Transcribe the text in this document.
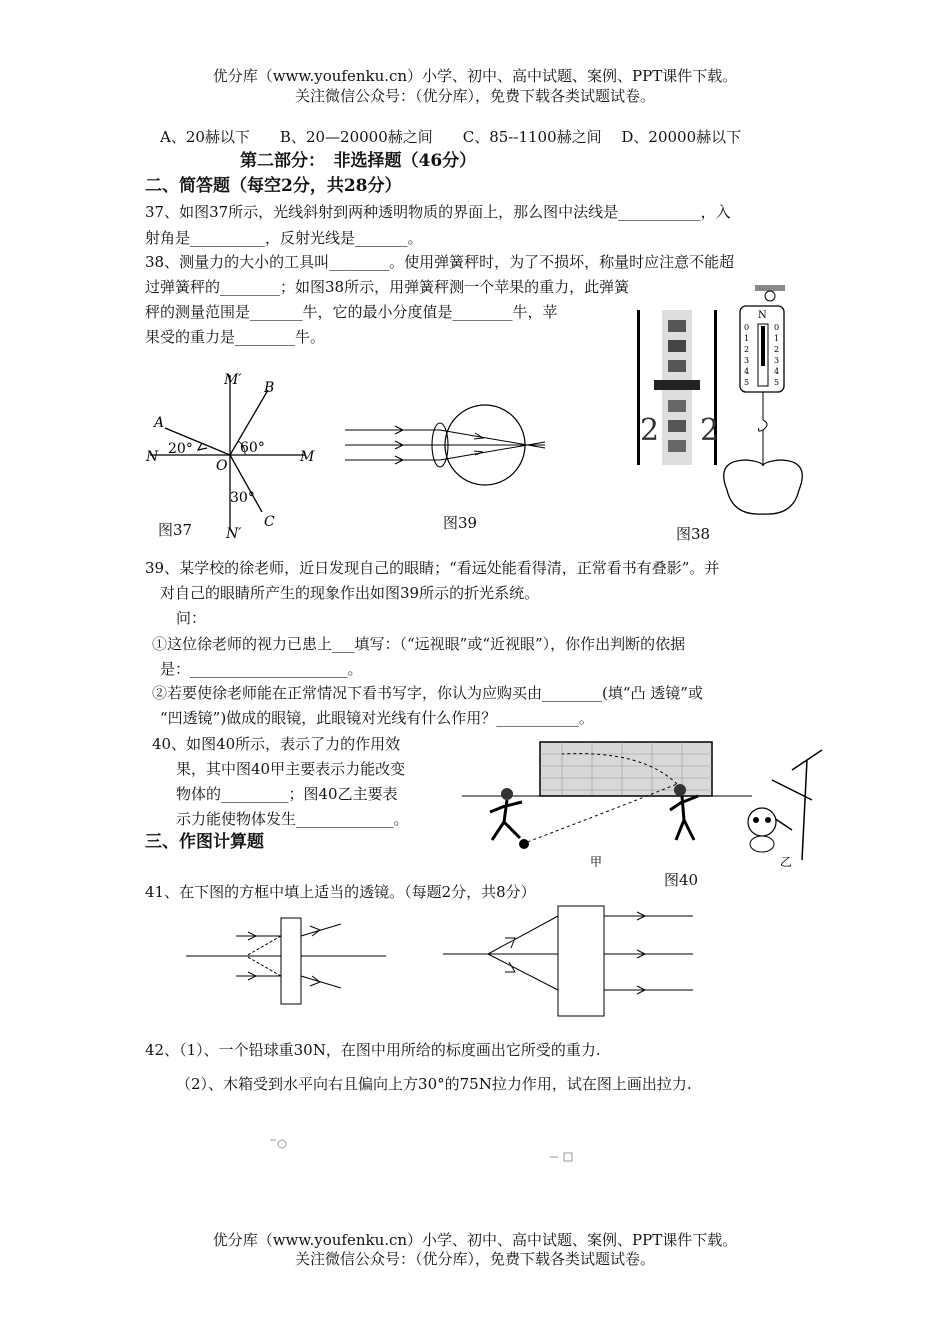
优分库（www.youfenku.cn）小学、初中、高中试题、案例、PPT课件下载。
关注微信公众号：（优分库），免费下载各类试题试卷。
A、20赫以下　　B、20—20000赫之间　　C、85--1100赫之间　 D、20000赫以下
第二部分：　非选择题（46分）
二、简答题（每空2分，共28分）
37、如图37所示，光线斜射到两种透明物质的界面上，那么图中法线是___________，入
射角是__________，反射光线是_______。
38、测量力的大小的工具叫________。使用弹簧秤时，为了不损坏，称量时应注意不能超
过弹簧秤的________；如图38所示，用弹簧秤测一个苹果的重力，此弹簧
秤的测量范围是_______牛，它的最小分度值是________牛，苹
果受的重力是________牛。
M′ B
A
20°	60°
N
O
M
30°
C
N′
图37	图39
2 2
N
0
1
2
3
4
5
0
1
2
3
4
5
图38
39、某学校的徐老师，近日发现自己的眼睛；“看远处能看得清，正常看书有叠影”。并
对自己的眼睛所产生的现象作出如图39所示的折光系统。
问：
①这位徐老师的视力已患上___填写：（“远视眼”或“近视眼”），你作出判断的依据
是：_____________________。
②若要使徐老师能在正常情况下看书写字，你认为应购买由________(填“凸 透镜”或
“凹透镜”)做成的眼镜，此眼镜对光线有什么作用？___________。
40、如图40所示，表示了力的作用效
果，其中图40甲主要表示力能改变
物体的_________；图40乙主要表
示力能使物体发生_____________。
甲	乙
图40
三、作图计算题
41、在下图的方框中填上适当的透镜。（每题2分，共8分）
42、（1）、一个铅球重30N，在图中用所给的标度画出它所受的重力.
（2）、木箱受到水平向右且偏向上方30°的75N拉力作用，试在图上画出拉力.
优分库（www.youfenku.cn）小学、初中、高中试题、案例、PPT课件下载。
关注微信公众号：（优分库），免费下载各类试题试卷。
